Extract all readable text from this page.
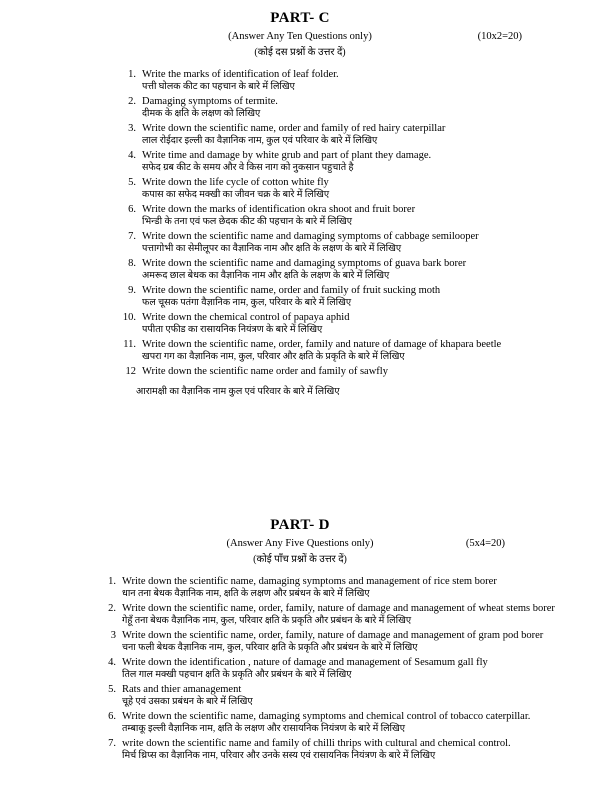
PART- C
(Answer Any Ten Questions only)	(10x2=20)
(कोई दस प्रश्नों के उत्तर दें)
1. Write the marks of identification of leaf folder.
पत्ती घोलक कीट का पहचान के बारे में लिखिए
2. Damaging symptoms of termite.
दीमक के क्षति के लक्षण को लिखिए
3. Write down the scientific name, order and family of red hairy caterpillar
लाल रोईदार इल्ली का वैज्ञानिक नाम, कुल एवं परिवार के बारे में लिखिए
4. Write time and damage by white grub and part of plant they damage.
सफेद ग्रब कीट के समय और वे किस नाग को नुकसान पहुचाते है
5. Write down the life cycle of cotton white fly
कपास का सफेद मक्खी का जीवन चक्र के बारे में लिखिए
6. Write down the marks of identification okra shoot and fruit borer
भिन्डी के तना एवं फल छेदक कीट की पहचान के बारे में लिखिए
7. Write down the scientific name and damaging symptoms of cabbage semilooper
पत्तागोभी का सेमीलूपर का वैज्ञानिक नाम और क्षति के लक्षण के बारे में लिखिए
8. Write down the scientific name and damaging symptoms of guava bark borer
अमरूद छाल बेधक का वैज्ञानिक नाम और क्षति के लक्षण के बारे में लिखिए
9. Write down the scientific name, order and family of fruit sucking moth
फल चूसक पतंगा वैज्ञानिक नाम, कुल, परिवार के बारे में लिखिए
10. Write down the chemical control of papaya aphid
पपीता एफीड का रासायनिक नियंत्रण के बारे में लिखिए
11. Write down the scientific name, order, family and nature of damage of khapara beetle
खपरा गग का वैज्ञानिक नाम, कुल, परिवार और क्षति के प्रकृति के बारे में लिखिए
12 Write down the scientific name order and family of sawfly
आरामक्षी का वैज्ञानिक नाम कुल एवं परिवार के बारे में लिखिए
PART- D
(Answer Any Five Questions only)	(5x4=20)
(कोई पाँच प्रश्नों के उत्तर दें)
1. Write down the scientific name, damaging symptoms and management of rice stem borer
धान तना बेधक वैज्ञानिक नाम, क्षति के लक्षण और प्रबंधन के बारे में लिखिए
2. Write down the scientific name, order, family, nature of damage and management of wheat stems borer
गेहूँ तना बेधक वैज्ञानिक नाम, कुल, परिवार क्षति के प्रकृति और प्रबंधन के बारे में लिखिए
3 Write down the scientific name, order, family, nature of damage and management of gram pod borer
चना फली बेधक वैज्ञानिक नाम, कुल, परिवार क्षति के प्रकृति और प्रबंधन के बारे में लिखिए
4. Write down the identification , nature of damage and management of Sesamum gall fly
तिल गाल मक्खी पहचान क्षति के प्रकृति और प्रबंधन के बारे में लिखिए
5. Rats and thier amanagement
चूहे एवं उसका प्रबंधन के बारे में लिखिए
6. Write down the scientific name, damaging symptoms and chemical control of tobacco caterpillar.
तम्बाकू इल्ली वैज्ञानिक नाम, क्षति के लक्षण और रासायनिक नियंत्रण के बारे में लिखिए
7. write down the scientific name and family of chilli thrips with cultural and chemical control.
मिर्च थ्रिप्स का वैज्ञानिक नाम, परिवार और उनके सस्य एवं रासायनिक नियंत्रण के बारे में लिखिए
